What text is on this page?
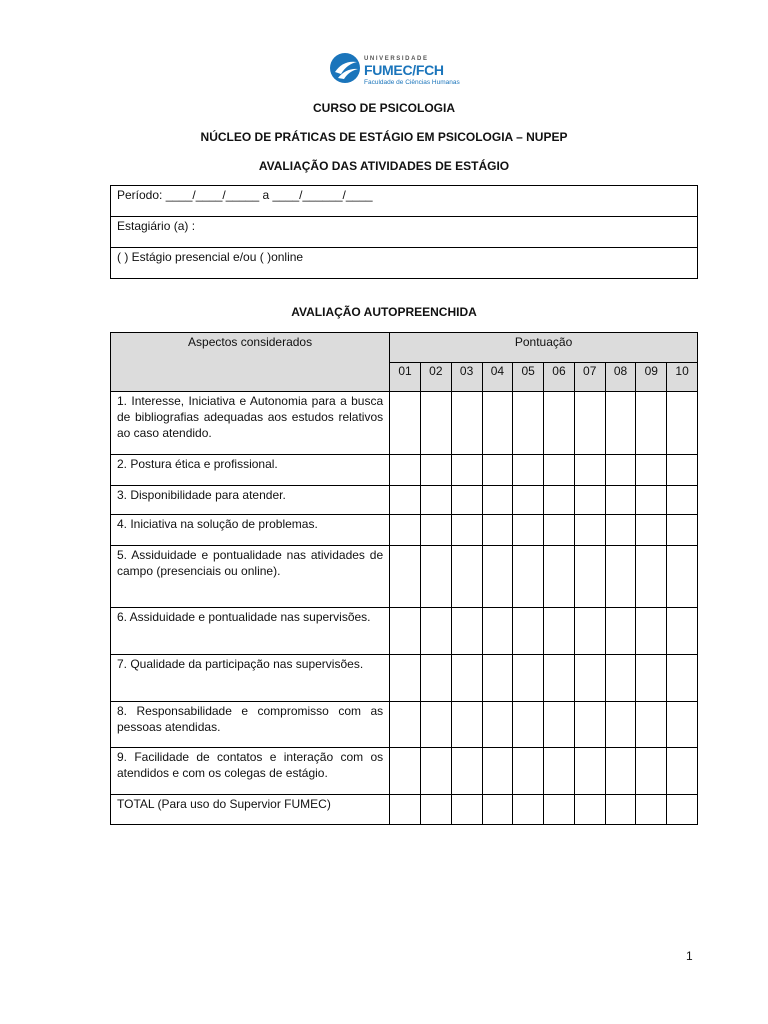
UNIVERSIDADE
FUMEC/FCH
Faculdade de Ciências Humanas
CURSO DE PSICOLOGIA
NÚCLEO DE PRÁTICAS DE ESTÁGIO EM PSICOLOGIA – NUPEP
AVALIAÇÃO DAS ATIVIDADES DE ESTÁGIO
Período: ____/____/_____ a ____/______/____
Estagiário (a) :
( ) Estágio presencial e/ou ( )online
AVALIAÇÃO AUTOPREENCHIDA
Aspectos considerados	Pontuação									
	01	02	03	04	05	06	07	08	09	10
1. Interesse, Iniciativa e Autonomia para a busca de bibliografias adequadas aos estudos relativos ao caso atendido.										
2. Postura ética e profissional.										
3. Disponibilidade para atender.										
4. Iniciativa na solução de problemas.										
5. Assiduidade e pontualidade nas atividades de campo (presenciais ou online).										
6. Assiduidade e pontualidade nas supervisões.										
7. Qualidade da participação nas supervisões.										
8. Responsabilidade e compromisso com as pessoas atendidas.										
9. Facilidade de contatos e interação com os atendidos e com os colegas de estágio.										
TOTAL (Para uso do Supervior FUMEC)										
1
